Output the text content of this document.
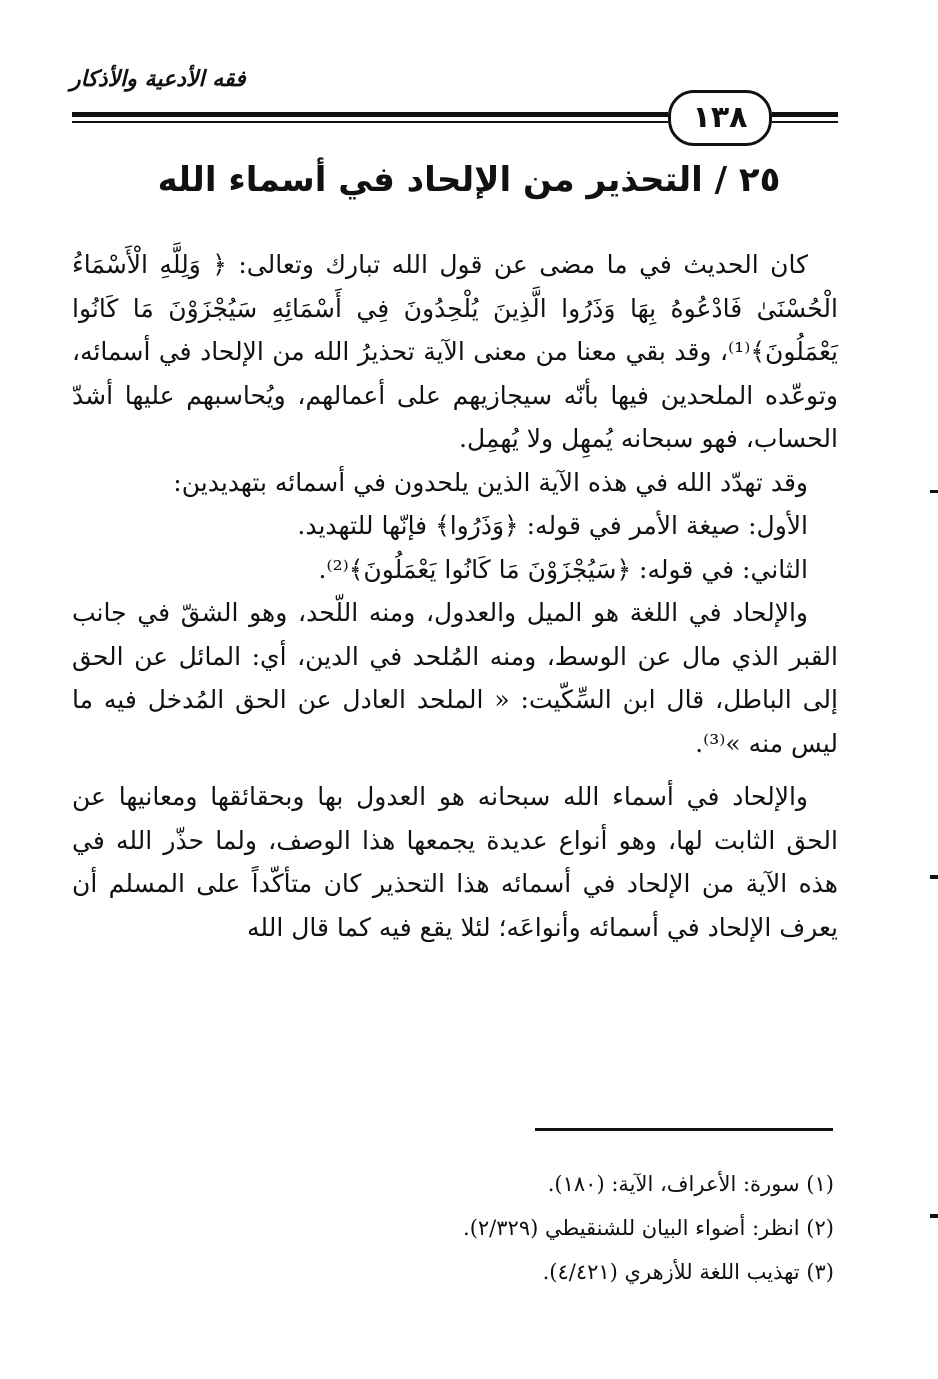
فقه الأدعية والأذكار
١٣٨
٢٥ / التحذير من الإلحاد في أسماء الله

كان الحديث في ما مضى عن قول الله تبارك وتعالى: ﴿ وَلِلَّهِ الْأَسْمَاءُ الْحُسْنَىٰ فَادْعُوهُ بِهَا وَذَرُوا الَّذِينَ يُلْحِدُونَ فِي أَسْمَائِهِ سَيُجْزَوْنَ مَا كَانُوا يَعْمَلُونَ﴾⁽¹⁾، وقد بقي معنا من معنى الآية تحذيرُ الله من الإلحاد في أسمائه، وتوعّده الملحدين فيها بأنّه سيجازيهم على أعمالهم، ويُحاسبهم عليها أشدّ الحساب، فهو سبحانه يُمهِل ولا يُهمِل.

وقد تهدّد الله في هذه الآية الذين يلحدون في أسمائه بتهديدين:

الأول: صيغة الأمر في قوله: ﴿وَذَرُوا﴾ فإنّها للتهديد.

الثاني: في قوله: ﴿سَيُجْزَوْنَ مَا كَانُوا يَعْمَلُونَ﴾⁽²⁾.

والإلحاد في اللغة هو الميل والعدول، ومنه اللّحد، وهو الشقّ في جانب القبر الذي مال عن الوسط، ومنه المُلحد في الدين، أي: المائل عن الحق إلى الباطل، قال ابن السِّكّيت: « الملحد العادل عن الحق المُدخل فيه ما ليس منه »⁽³⁾.

والإلحاد في أسماء الله سبحانه هو العدول بها وبحقائقها ومعانيها عن الحق الثابت لها، وهو أنواع عديدة يجمعها هذا الوصف، ولما حذّر الله في هذه الآية من الإلحاد في أسمائه هذا التحذير كان متأكّداً على المسلم أن يعرف الإلحاد في أسمائه وأنواعَه؛ لئلا يقع فيه كما قال الله

(١) سورة: الأعراف، الآية: (١٨٠).
(٢) انظر: أضواء البيان للشنقيطي (٢/٣٢٩).
(٣) تهذيب اللغة للأزهري (٤/٤٢١).
